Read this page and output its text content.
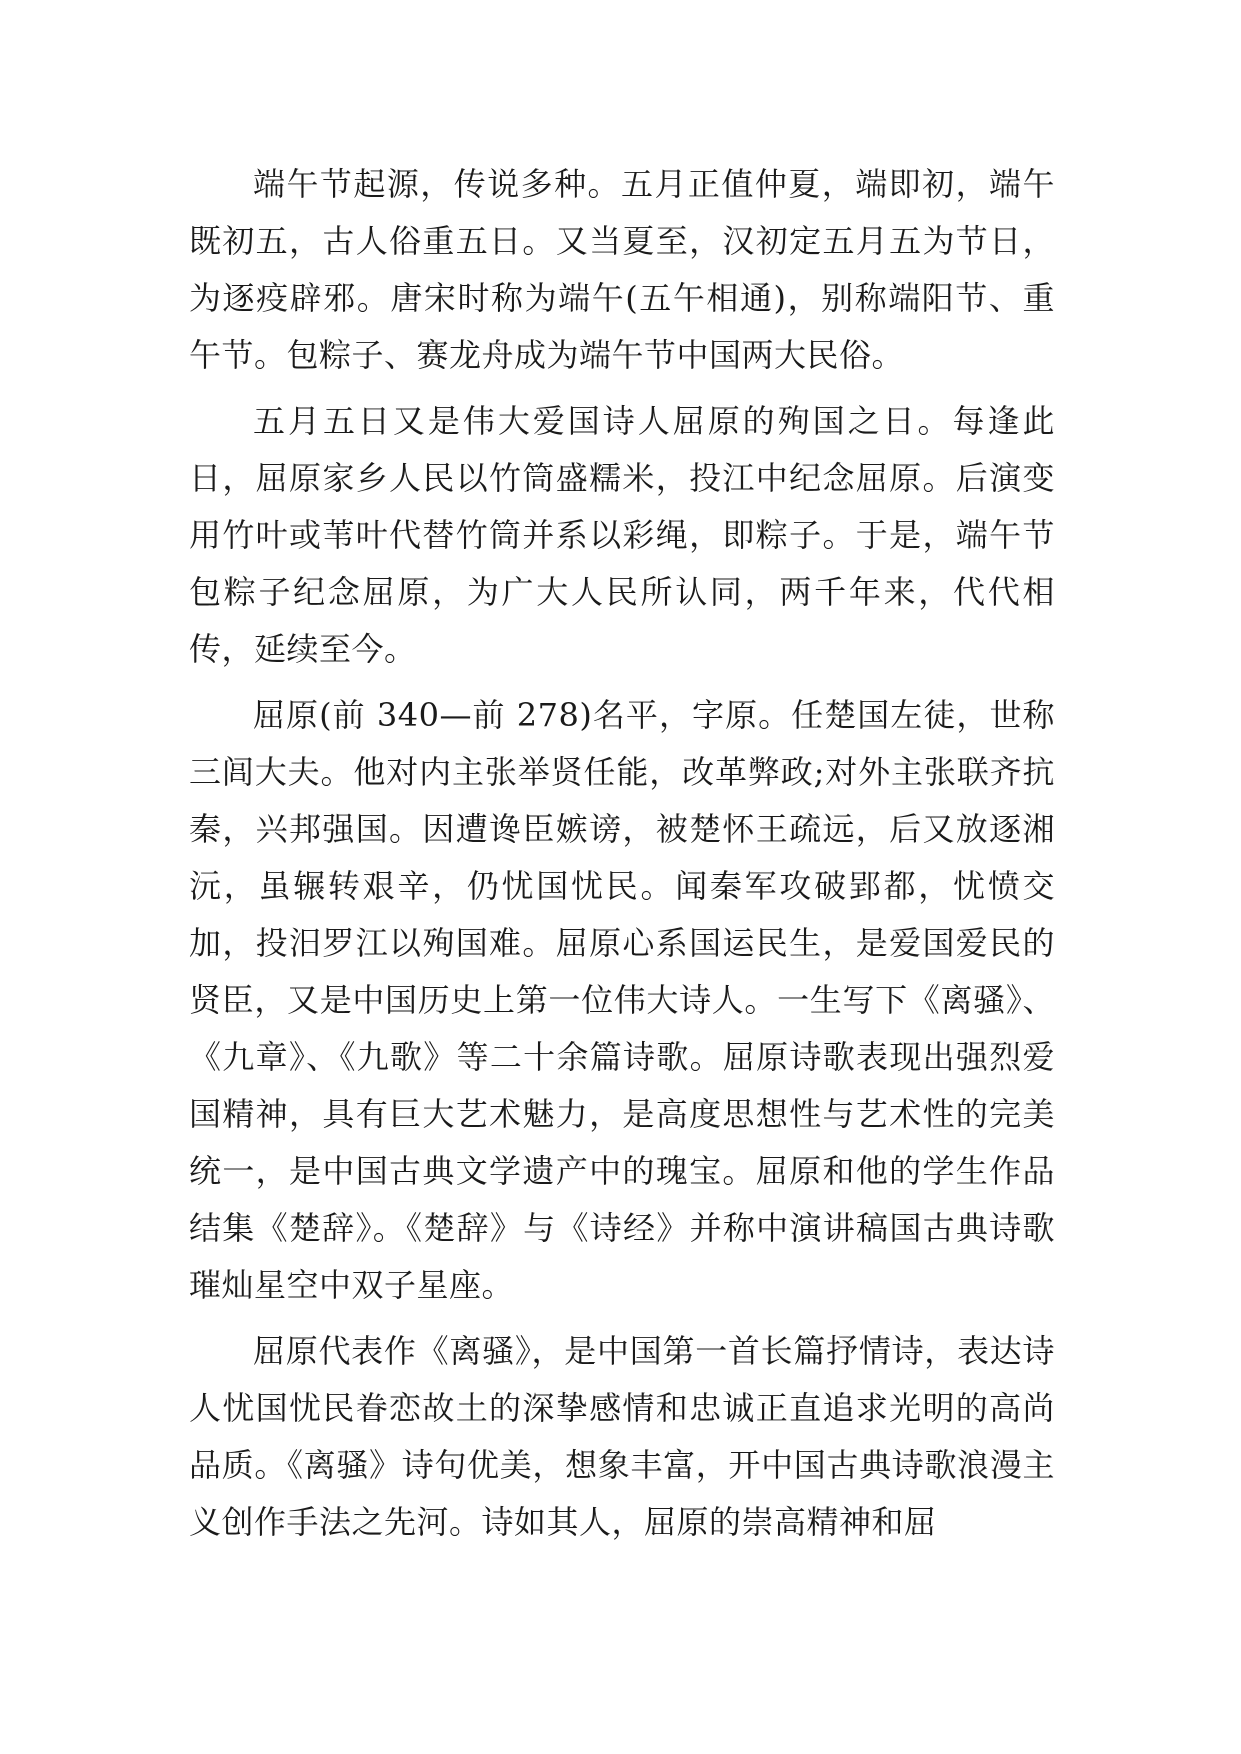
端午节起源，传说多种。五月正值仲夏，端即初，端午既初五，古人俗重五日。又当夏至，汉初定五月五为节日，为逐疫辟邪。唐宋时称为端午(五午相通)，别称端阳节、重午节。包粽子、赛龙舟成为端午节中国两大民俗。

五月五日又是伟大爱国诗人屈原的殉国之日。每逢此日，屈原家乡人民以竹筒盛糯米，投江中纪念屈原。后演变用竹叶或苇叶代替竹筒并系以彩绳，即粽子。于是，端午节包粽子纪念屈原，为广大人民所认同，两千年来，代代相传，延续至今。

屈原(前 340—前 278)名平，字原。任楚国左徒，世称三闾大夫。他对内主张举贤任能，改革弊政;对外主张联齐抗秦，兴邦强国。因遭谗臣嫉谤，被楚怀王疏远，后又放逐湘沅，虽辗转艰辛，仍忧国忧民。闻秦军攻破郢都，忧愤交加，投汨罗江以殉国难。屈原心系国运民生，是爱国爱民的贤臣，又是中国历史上第一位伟大诗人。一生写下《离骚》、《九章》、《九歌》等二十余篇诗歌。屈原诗歌表现出强烈爱国精神，具有巨大艺术魅力，是高度思想性与艺术性的完美统一，是中国古典文学遗产中的瑰宝。屈原和他的学生作品结集《楚辞》。《楚辞》与《诗经》并称中演讲稿国古典诗歌璀灿星空中双子星座。

屈原代表作《离骚》，是中国第一首长篇抒情诗，表达诗人忧国忧民眷恋故土的深挚感情和忠诚正直追求光明的高尚品质。《离骚》诗句优美，想象丰富，开中国古典诗歌浪漫主义创作手法之先河。诗如其人，屈原的崇高精神和屈
